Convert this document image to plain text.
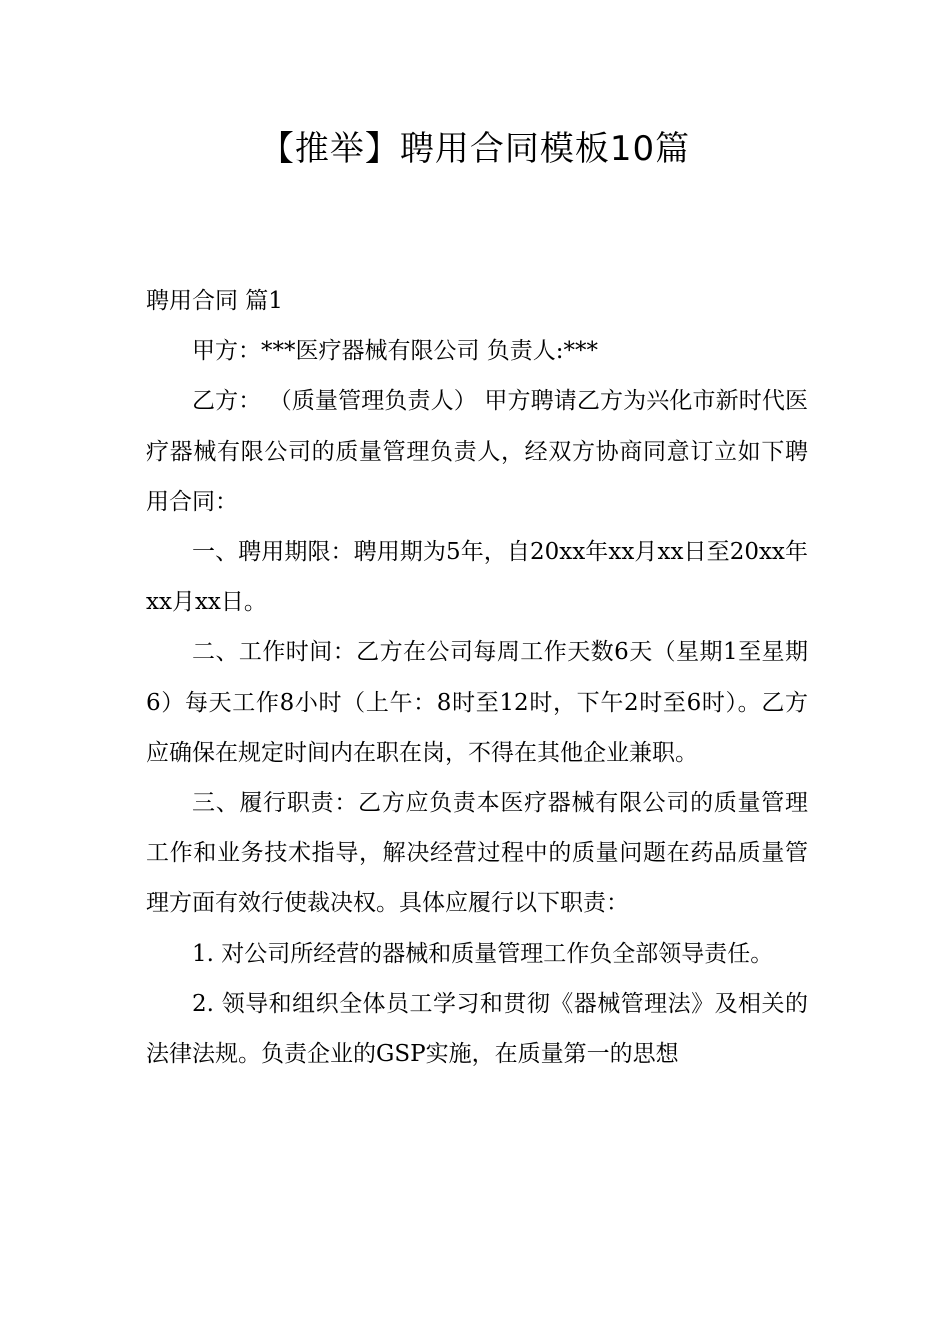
【推举】聘用合同模板10篇

聘用合同 篇1

甲方：***医疗器械有限公司 负责人:***

乙方： （质量管理负责人） 甲方聘请乙方为兴化市新时代医疗器械有限公司的质量管理负责人，经双方协商同意订立如下聘用合同：

一、聘用期限：聘用期为5年，自20xx年xx月xx日至20xx年xx月xx日。

二、工作时间：乙方在公司每周工作天数6天（星期1至星期6）每天工作8小时（上午：8时至12时，下午2时至6时）。乙方应确保在规定时间内在职在岗，不得在其他企业兼职。

三、履行职责：乙方应负责本医疗器械有限公司的质量管理工作和业务技术指导，解决经营过程中的质量问题在药品质量管理方面有效行使裁决权。具体应履行以下职责：

1. 对公司所经营的器械和质量管理工作负全部领导责任。

2. 领导和组织全体员工学习和贯彻《器械管理法》及相关的法律法规。负责企业的GSP实施，在质量第一的思想
